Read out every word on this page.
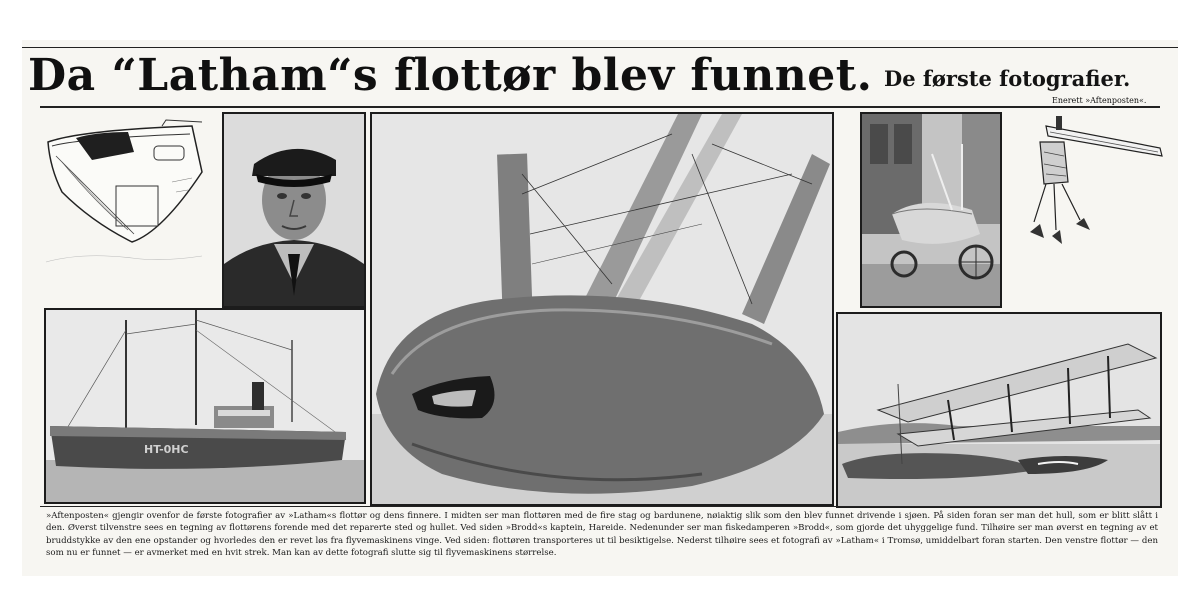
Da “Latham“s flottør blev funnet. De første fotografier.
Enerett »Aftenposten«.
HT-0HC
»Aftenposten« gjengir ovenfor de første fotografier av »Latham«s flottør og dens finnere. I midten ser man flottøren med de fire stag og bardunene, nøiaktig slik som den blev funnet drivende i sjøen. På siden foran ser man det hull, som er blitt slått i den. Øverst tilvenstre sees en tegning av flottørens forende med det reparerte sted og hullet. Ved siden »Brodd«s kaptein, Hareide. Nedenunder ser man fiskedamperen »Brodd«, som gjorde det uhyggelige fund. Tilhøire ser man øverst en tegning av et bruddstykke av den ene opstander og hvorledes den er revet løs fra flyvemaskinens vinge. Ved siden: flottøren transporteres ut til besiktigelse. Nederst tilhøire sees et fotografi av »Latham« i Tromsø, umiddelbart foran starten. Den venstre flottør — den som nu er funnet — er avmerket med en hvit strek. Man kan av dette fotografi slutte sig til flyvemaskinens størrelse.
